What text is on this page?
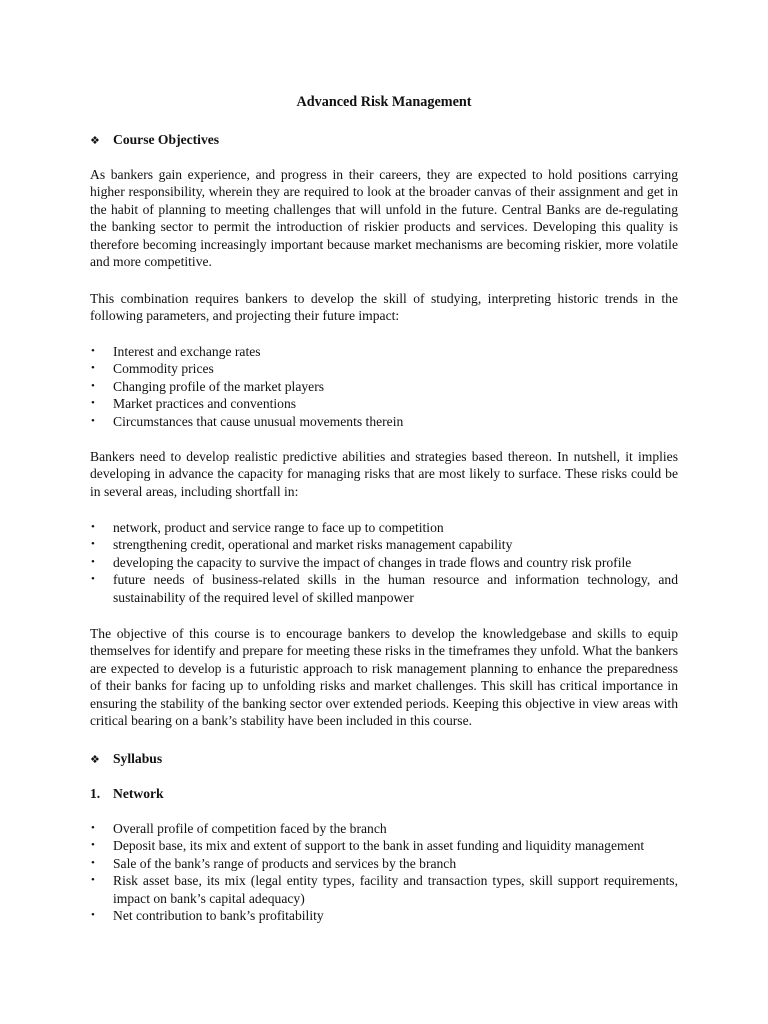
Advanced Risk Management
❖ Course Objectives

As bankers gain experience, and progress in their careers, they are expected to hold positions carrying higher responsibility, wherein they are required to look at the broader canvas of their assignment and get in the habit of planning to meeting challenges that will unfold in the future. Central Banks are de-regulating the banking sector to permit the introduction of riskier products and services. Developing this quality is therefore becoming increasingly important because market mechanisms are becoming riskier, more volatile and more competitive.

This combination requires bankers to develop the skill of studying, interpreting historic trends in the following parameters, and projecting their future impact:

• Interest and exchange rates
• Commodity prices
• Changing profile of the market players
• Market practices and conventions
• Circumstances that cause unusual movements therein

Bankers need to develop realistic predictive abilities and strategies based thereon. In nutshell, it implies developing in advance the capacity for managing risks that are most likely to surface. These risks could be in several areas, including shortfall in:

• network, product and service range to face up to competition
• strengthening credit, operational and market risks management capability
• developing the capacity to survive the impact of changes in trade flows and country risk profile
• future needs of business-related skills in the human resource and information technology, and sustainability of the required level of skilled manpower

The objective of this course is to encourage bankers to develop the knowledgebase and skills to equip themselves for identify and prepare for meeting these risks in the timeframes they unfold. What the bankers are expected to develop is a futuristic approach to risk management planning to enhance the preparedness of their banks for facing up to unfolding risks and market challenges. This skill has critical importance in ensuring the stability of the banking sector over extended periods. Keeping this objective in view areas with critical bearing on a bank’s stability have been included in this course.

❖ Syllabus
1. Network
• Overall profile of competition faced by the branch
• Deposit base, its mix and extent of support to the bank in asset funding and liquidity management
• Sale of the bank’s range of products and services by the branch
• Risk asset base, its mix (legal entity types, facility and transaction types, skill support requirements, impact on bank’s capital adequacy)
• Net contribution to bank’s profitability
